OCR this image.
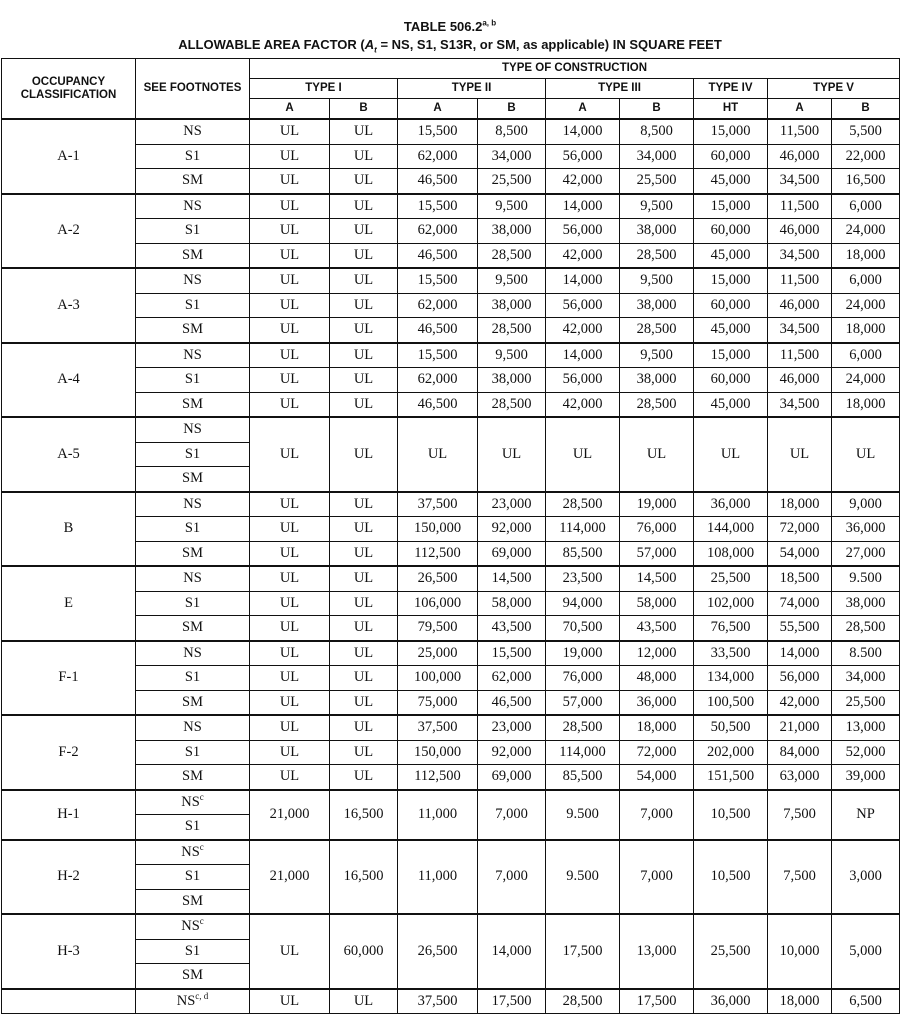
TABLE 506.2$^{a, b}$
ALLOWABLE AREA FACTOR ($A_t$ = NS, S1, S13R, or SM, as applicable) IN SQUARE FEET
OCCUPANCY CLASSIFICATION	SEE FOOTNOTES	TYPE OF CONSTRUCTION								
		TYPE I		TYPE II		TYPE III		TYPE IV	TYPE V	
		A	B	A	B	A	B	HT	A	B
A-1	NS	UL	UL	15,500	8,500	14,000	8,500	15,000	11,500	5,500
	S1	UL	UL	62,000	34,000	56,000	34,000	60,000	46,000	22,000
	SM	UL	UL	46,500	25,500	42,000	25,500	45,000	34,500	16,500
A-2	NS	UL	UL	15,500	9,500	14,000	9,500	15,000	11,500	6,000
	S1	UL	UL	62,000	38,000	56,000	38,000	60,000	46,000	24,000
	SM	UL	UL	46,500	28,500	42,000	28,500	45,000	34,500	18,000
A-3	NS	UL	UL	15,500	9,500	14,000	9,500	15,000	11,500	6,000
	S1	UL	UL	62,000	38,000	56,000	38,000	60,000	46,000	24,000
	SM	UL	UL	46,500	28,500	42,000	28,500	45,000	34,500	18,000
A-4	NS	UL	UL	15,500	9,500	14,000	9,500	15,000	11,500	6,000
	S1	UL	UL	62,000	38,000	56,000	38,000	60,000	46,000	24,000
	SM	UL	UL	46,500	28,500	42,000	28,500	45,000	34,500	18,000
A-5	NS	UL	UL	UL	UL	UL	UL	UL	UL	UL
	S1									
	SM									
B	NS	UL	UL	37,500	23,000	28,500	19,000	36,000	18,000	9,000
	S1	UL	UL	150,000	92,000	114,000	76,000	144,000	72,000	36,000
	SM	UL	UL	112,500	69,000	85,500	57,000	108,000	54,000	27,000
E	NS	UL	UL	26,500	14,500	23,500	14,500	25,500	18,500	9.500
	S1	UL	UL	106,000	58,000	94,000	58,000	102,000	74,000	38,000
	SM	UL	UL	79,500	43,500	70,500	43,500	76,500	55,500	28,500
F-1	NS	UL	UL	25,000	15,500	19,000	12,000	33,500	14,000	8.500
	S1	UL	UL	100,000	62,000	76,000	48,000	134,000	56,000	34,000
	SM	UL	UL	75,000	46,500	57,000	36,000	100,500	42,000	25,500
F-2	NS	UL	UL	37,500	23,000	28,500	18,000	50,500	21,000	13,000
	S1	UL	UL	150,000	92,000	114,000	72,000	202,000	84,000	52,000
	SM	UL	UL	112,500	69,000	85,500	54,000	151,500	63,000	39,000
H-1	NS$^c$	21,000	16,500	11,000	7,000	9.500	7,000	10,500	7,500	NP
	S1									
H-2	NS$^c$	21,000	16,500	11,000	7,000	9.500	7,000	10,500	7,500	3,000
	S1									
	SM									
H-3	NS$^c$	UL	60,000	26,500	14,000	17,500	13,000	25,500	10,000	5,000
	S1									
	SM									
	NS$^{c, d}$	UL	UL	37,500	17,500	28,500	17,500	36,000	18,000	6,500
